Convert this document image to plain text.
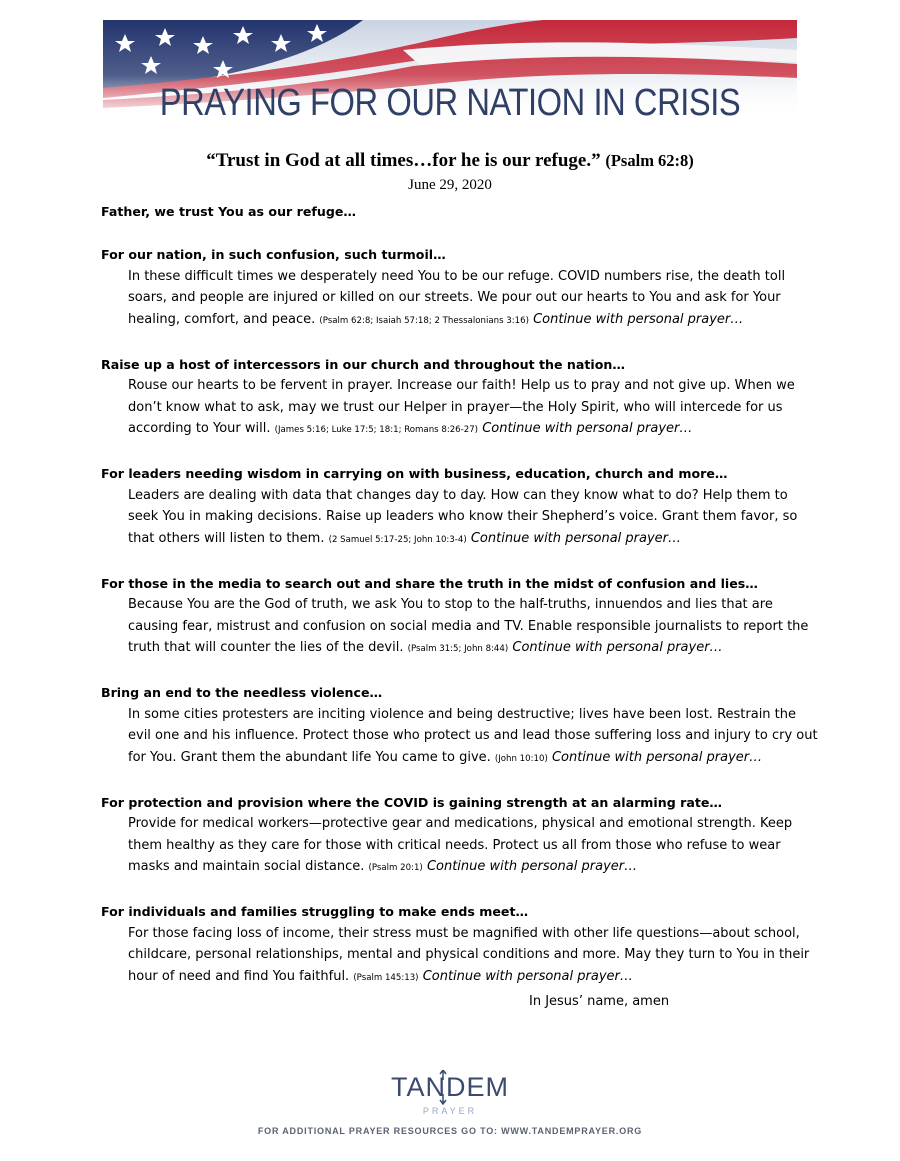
PRAYING FOR OUR NATION IN CRISIS
“Trust in God at all times…for he is our refuge.” (Psalm 62:8)
June 29, 2020
Father, we trust You as our refuge…
For our nation, in such confusion, such turmoil…
In these difficult times we desperately need You to be our refuge. COVID numbers rise, the death toll soars, and people are injured or killed on our streets. We pour out our hearts to You and ask for Your healing, comfort, and peace. (Psalm 62:8; Isaiah 57:18; 2 Thessalonians 3:16) Continue with personal prayer…
Raise up a host of intercessors in our church and throughout the nation…
Rouse our hearts to be fervent in prayer. Increase our faith! Help us to pray and not give up. When we don’t know what to ask, may we trust our Helper in prayer—the Holy Spirit, who will intercede for us according to Your will. (James 5:16; Luke 17:5; 18:1; Romans 8:26-27) Continue with personal prayer…
For leaders needing wisdom in carrying on with business, education, church and more…
Leaders are dealing with data that changes day to day. How can they know what to do? Help them to seek You in making decisions. Raise up leaders who know their Shepherd’s voice. Grant them favor, so that others will listen to them. (2 Samuel 5:17-25; John 10:3-4) Continue with personal prayer…
For those in the media to search out and share the truth in the midst of confusion and lies…
Because You are the God of truth, we ask You to stop to the half-truths, innuendos and lies that are causing fear, mistrust and confusion on social media and TV. Enable responsible journalists to report the truth that will counter the lies of the devil. (Psalm 31:5; John 8:44) Continue with personal prayer…
Bring an end to the needless violence…
In some cities protesters are inciting violence and being destructive; lives have been lost. Restrain the evil one and his influence. Protect those who protect us and lead those suffering loss and injury to cry out for You. Grant them the abundant life You came to give. (John 10:10) Continue with personal prayer…
For protection and provision where the COVID is gaining strength at an alarming rate…
Provide for medical workers—protective gear and medications, physical and emotional strength. Keep them healthy as they care for those with critical needs. Protect us all from those who refuse to wear masks and maintain social distance. (Psalm 20:1) Continue with personal prayer…
For individuals and families struggling to make ends meet…
For those facing loss of income, their stress must be magnified with other life questions—about school, childcare, personal relationships, mental and physical conditions and more. May they turn to You in their hour of need and find You faithful. (Psalm 145:13) Continue with personal prayer…
In Jesus’ name, amen
TANDEM
PRAYER
FOR ADDITIONAL PRAYER RESOURCES GO TO: WWW.TANDEMPRAYER.ORG
